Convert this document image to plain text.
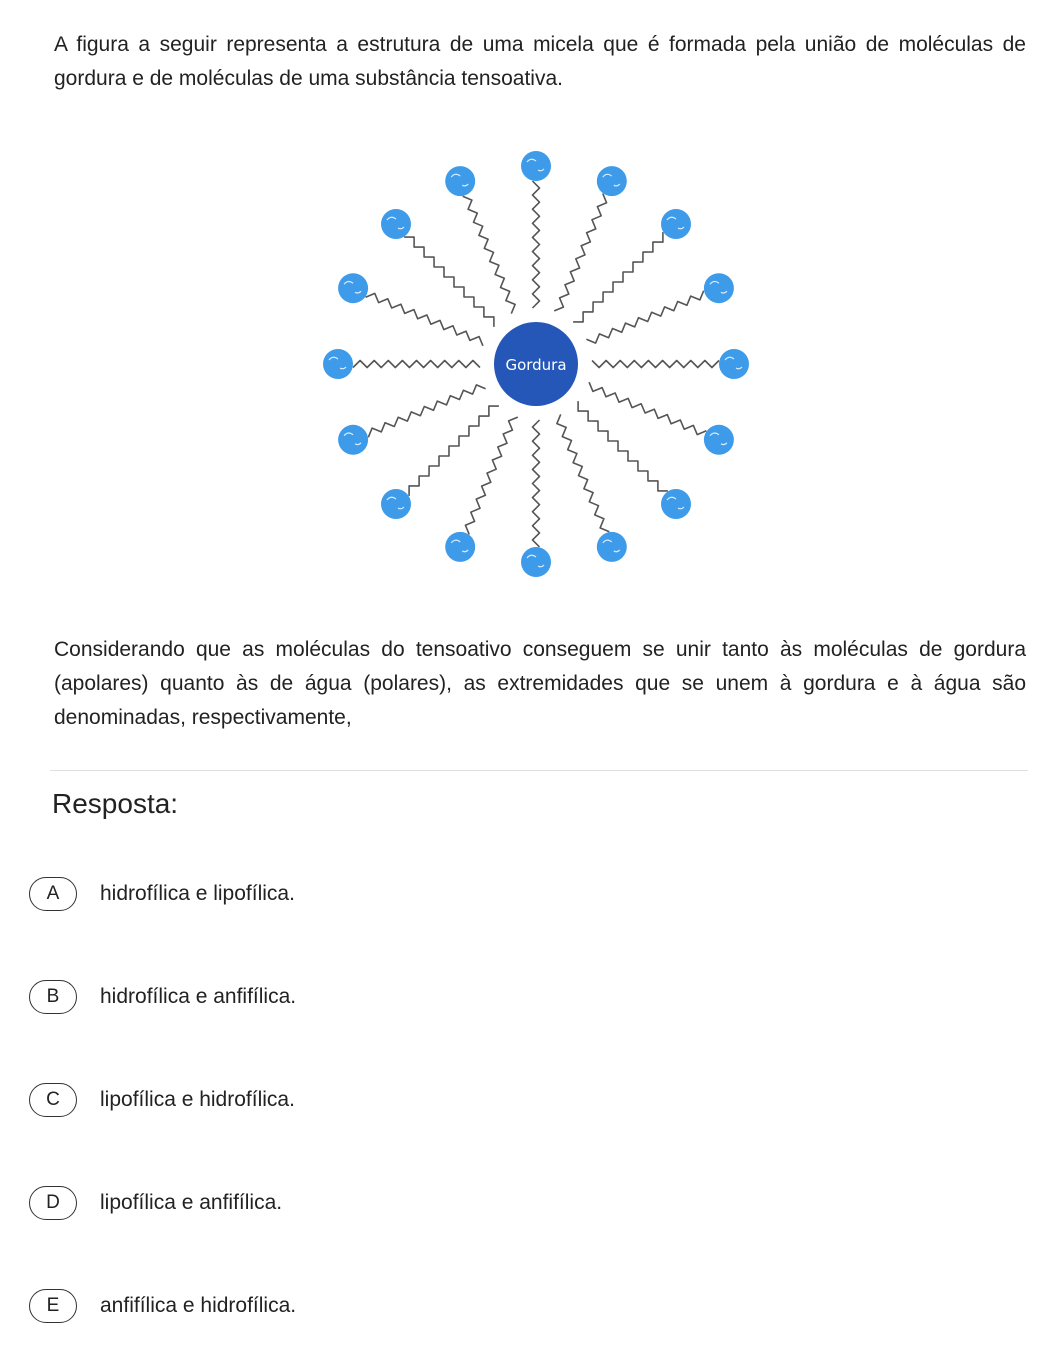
A figura a seguir representa a estrutura de uma micela que é formada pela união de moléculas de gordura e de moléculas de uma substância tensoativa.

Gordura

Considerando que as moléculas do tensoativo conseguem se unir tanto às moléculas de gordura (apolares) quanto às de água (polares), as extremidades que se unem à gordura e à água são denominadas, respectivamente,

Resposta:
A	hidrofílica e lipofílica.
B	hidrofílica e anfifílica.
C	lipofílica e hidrofílica.
D	lipofílica e anfifílica.
E	anfifílica e hidrofílica.
